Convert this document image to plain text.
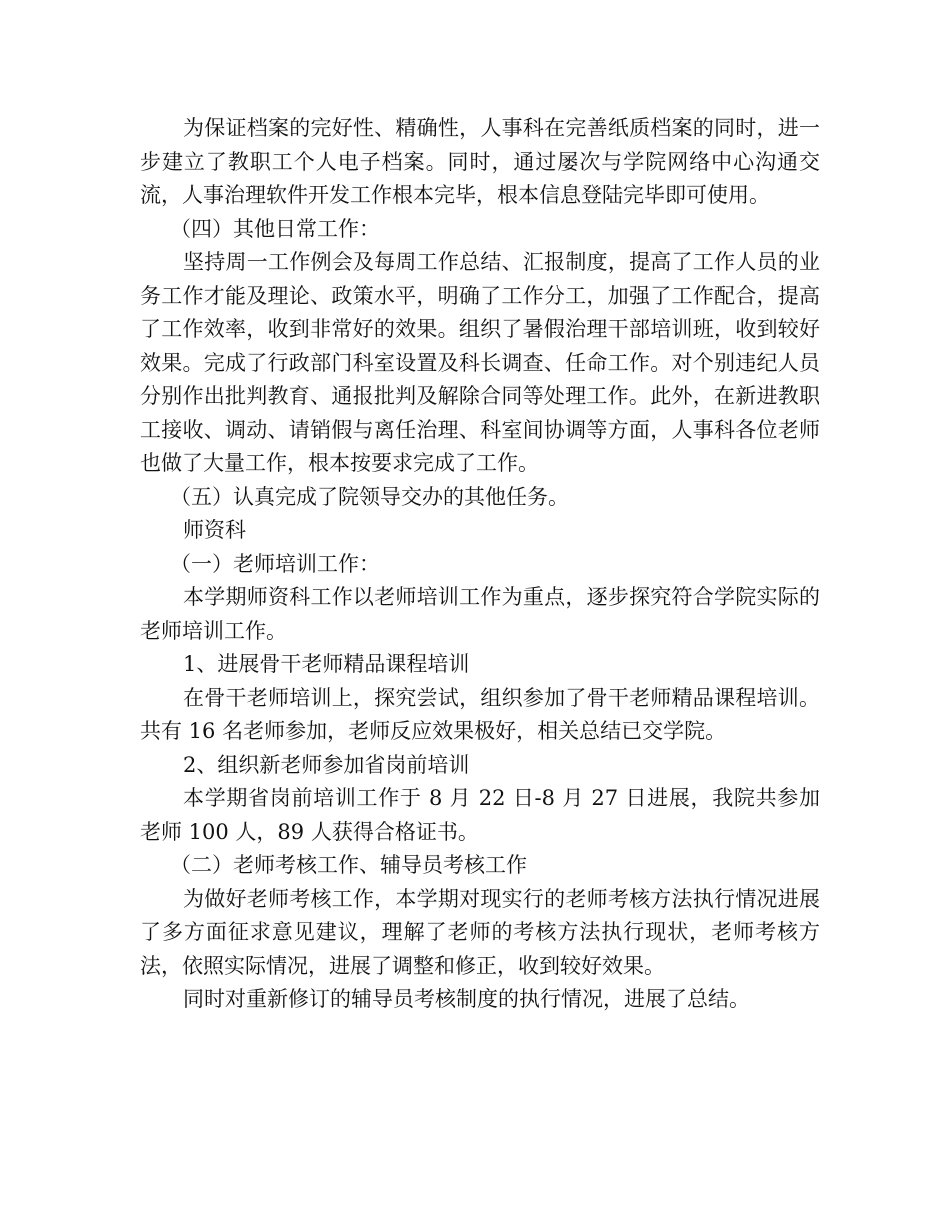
为保证档案的完好性、精确性，人事科在完善纸质档案的同时，进一步建立了教职工个人电子档案。同时，通过屡次与学院网络中心沟通交流，人事治理软件开发工作根本完毕，根本信息登陆完毕即可使用。

（四）其他日常工作：

坚持周一工作例会及每周工作总结、汇报制度，提高了工作人员的业务工作才能及理论、政策水平，明确了工作分工，加强了工作配合，提高了工作效率，收到非常好的效果。组织了暑假治理干部培训班，收到较好效果。完成了行政部门科室设置及科长调查、任命工作。对个别违纪人员分别作出批判教育、通报批判及解除合同等处理工作。此外，在新进教职工接收、调动、请销假与离任治理、科室间协调等方面，人事科各位老师也做了大量工作，根本按要求完成了工作。

（五）认真完成了院领导交办的其他任务。

师资科

（一）老师培训工作：

本学期师资科工作以老师培训工作为重点，逐步探究符合学院实际的老师培训工作。

1、进展骨干老师精品课程培训

在骨干老师培训上，探究尝试，组织参加了骨干老师精品课程培训。共有 16 名老师参加，老师反应效果极好，相关总结已交学院。

2、组织新老师参加省岗前培训

本学期省岗前培训工作于 8 月 22 日-8 月 27 日进展，我院共参加老师 100 人，89 人获得合格证书。

（二）老师考核工作、辅导员考核工作

为做好老师考核工作，本学期对现实行的老师考核方法执行情况进展了多方面征求意见建议，理解了老师的考核方法执行现状，老师考核方法，依照实际情况，进展了调整和修正，收到较好效果。

同时对重新修订的辅导员考核制度的执行情况，进展了总结。
